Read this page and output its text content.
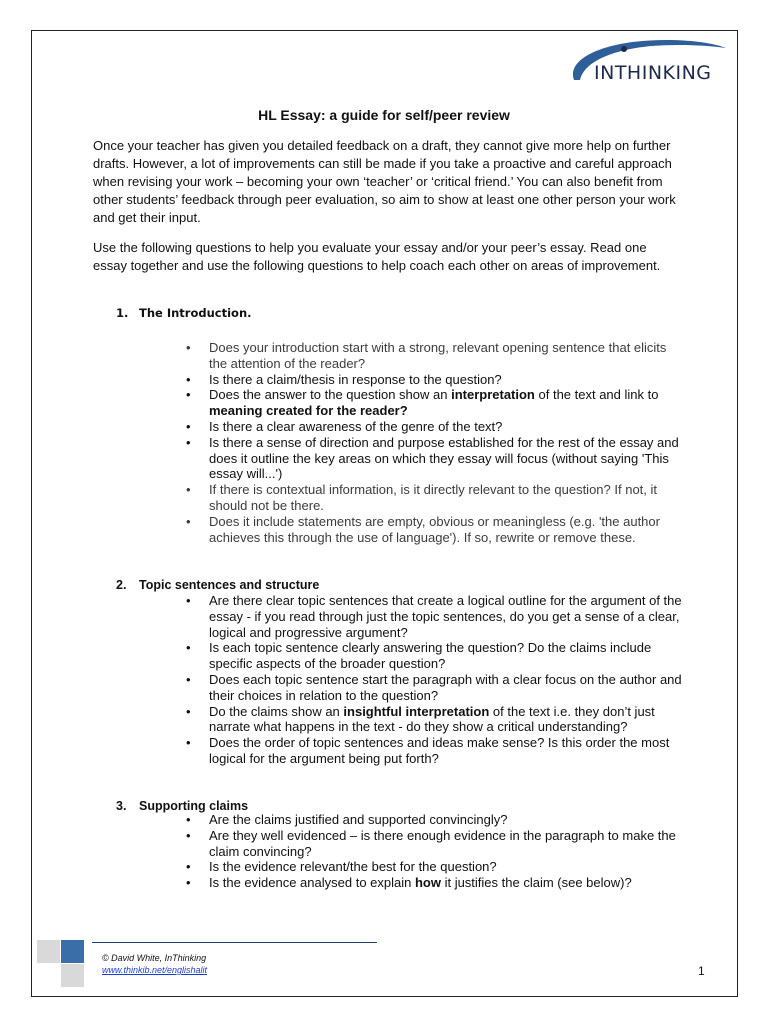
INTHINKING
HL Essay: a guide for self/peer review

Once your teacher has given you detailed feedback on a draft, they cannot give more help on further drafts. However, a lot of improvements can still be made if you take a proactive and careful approach when revising your work – becoming your own ‘teacher’ or ‘critical friend.’ You can also benefit from other students’ feedback through peer evaluation, so aim to show at least one other person your work and get their input.

Use the following questions to help you evaluate your essay and/or your peer’s essay. Read one essay together and use the following questions to help coach each other on areas of improvement.

1. The Introduction.
• Does your introduction start with a strong, relevant opening sentence that elicits the attention of the reader?
• Is there a claim/thesis in response to the question?
• Does the answer to the question show an interpretation of the text and link to meaning created for the reader?
• Is there a clear awareness of the genre of the text?
• Is there a sense of direction and purpose established for the rest of the essay and does it outline the key areas on which they essay will focus (without saying 'This essay will...')
• If there is contextual information, is it directly relevant to the question? If not, it should not be there.
• Does it include statements are empty, obvious or meaningless (e.g. 'the author achieves this through the use of language'). If so, rewrite or remove these.
2.	Topic sentences and structure
• Are there clear topic sentences that create a logical outline for the argument of the essay - if you read through just the topic sentences, do you get a sense of a clear, logical and progressive argument?
• Is each topic sentence clearly answering the question? Do the claims include specific aspects of the broader question?
• Does each topic sentence start the paragraph with a clear focus on the author and their choices in relation to the question?
• Do the claims show an insightful interpretation of the text i.e. they don’t just narrate what happens in the text - do they show a critical understanding?
• Does the order of topic sentences and ideas make sense? Is this order the most logical for the argument being put forth?
3.	Supporting claims
• Are the claims justified and supported convincingly?
• Are they well evidenced – is there enough evidence in the paragraph to make the claim convincing?
• Is the evidence relevant/the best for the question?
• Is the evidence analysed to explain how it justifies the claim (see below)?
© David White, InThinking
www.thinkib.net/englishalit	1
